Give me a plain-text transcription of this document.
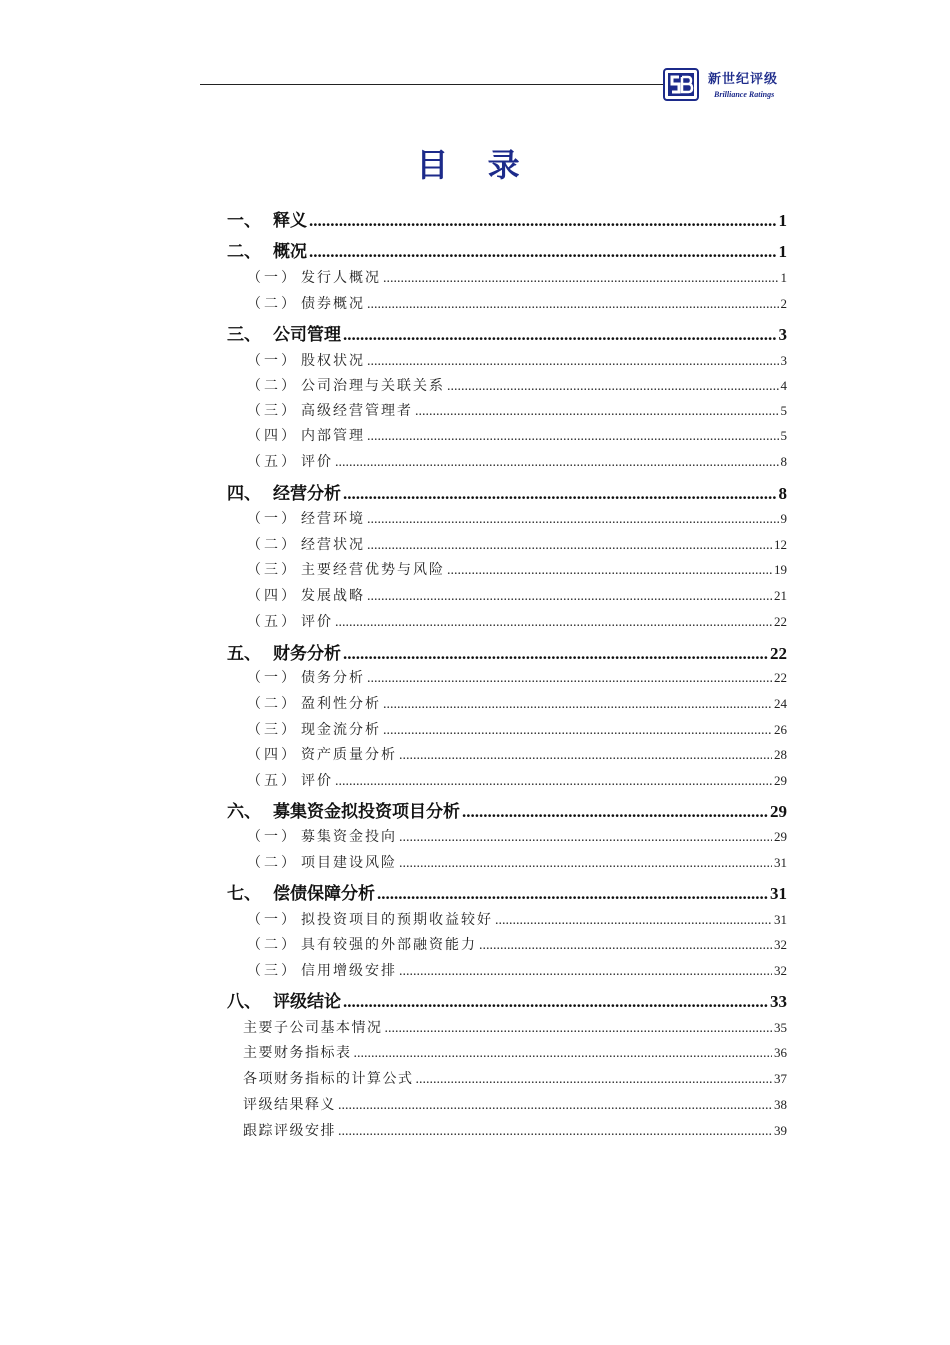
新世纪评级
Brilliance Ratings
目 录
一、 释义 .....	1
二、 概况 .....	1
（一） 发行人概况 .....	1
（二） 债券概况 .....	2
三、 公司管理 .....	3
（一） 股权状况 .....	3
（二） 公司治理与关联关系 .....	4
（三） 高级经营管理者 .....	5
（四） 内部管理 .....	5
（五） 评价 .....	8
四、 经营分析 .....	8
（一） 经营环境 .....	9
（二） 经营状况 .....	12
（三） 主要经营优势与风险 .....	19
（四） 发展战略 .....	21
（五） 评价 .....	22
五、 财务分析 .....	22
（一） 债务分析 .....	22
（二） 盈利性分析 .....	24
（三） 现金流分析 .....	26
（四） 资产质量分析 .....	28
（五） 评价 .....	29
六、 募集资金拟投资项目分析 .....	29
（一） 募集资金投向 .....	29
（二） 项目建设风险 .....	31
七、 偿债保障分析 .....	31
（一） 拟投资项目的预期收益较好 .....	31
（二） 具有较强的外部融资能力 .....	32
（三） 信用增级安排 .....	32
八、 评级结论 .....	33
主要子公司基本情况 .....	35
主要财务指标表 .....	36
各项财务指标的计算公式 .....	37
评级结果释义 .....	38
跟踪评级安排 .....	39
